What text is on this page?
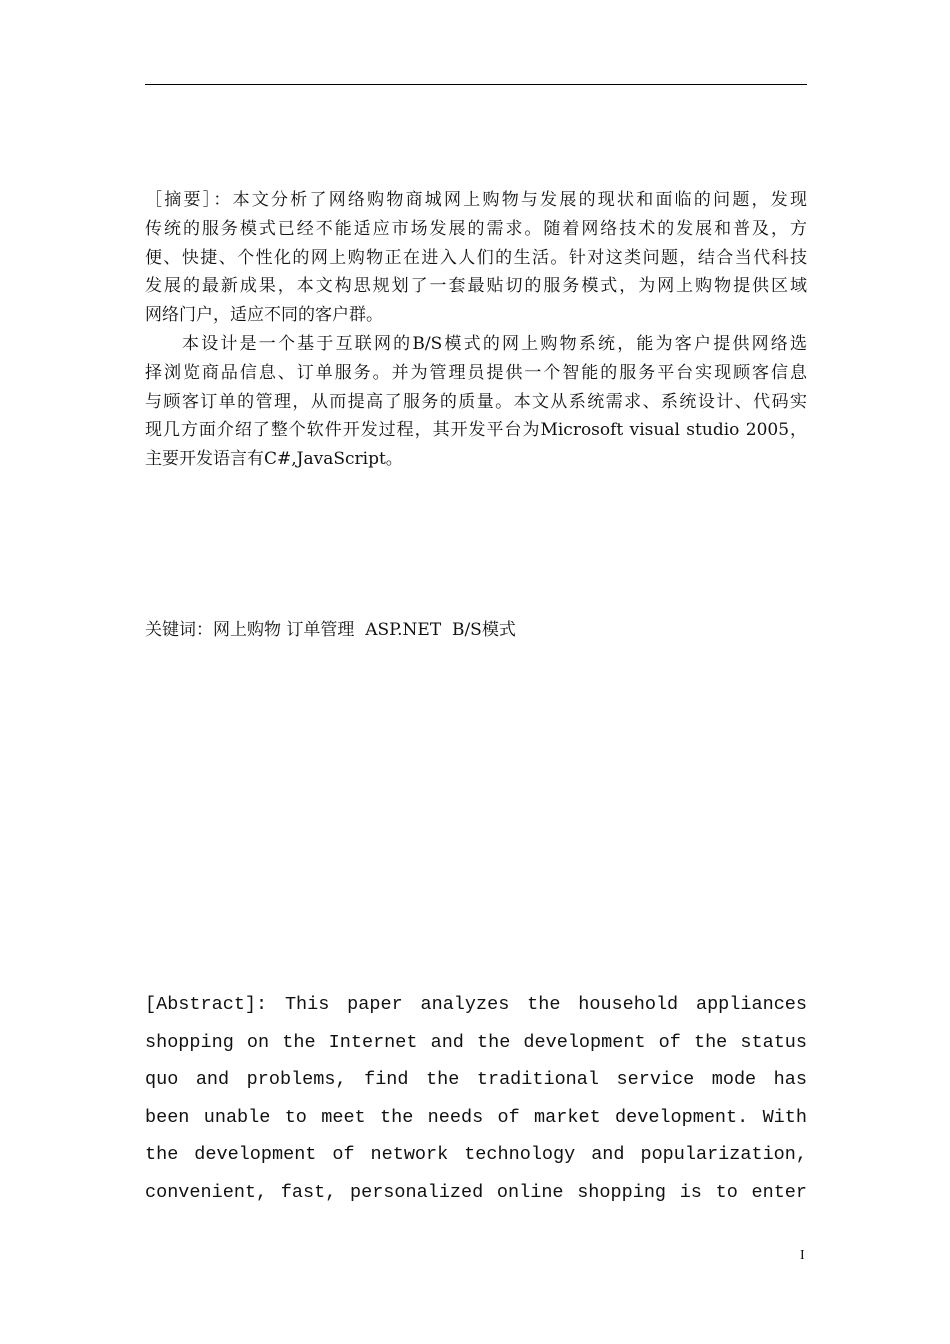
［摘要］：本文分析了网络购物商城网上购物与发展的现状和面临的问题，发现
传统的服务模式已经不能适应市场发展的需求。随着网络技术的发展和普及，方
便、快捷、个性化的网上购物正在进入人们的生活。针对这类问题，结合当代科技
发展的最新成果，本文构思规划了一套最贴切的服务模式，为网上购物提供区域
网络门户，适应不同的客户群。
本设计是一个基于互联网的B/S模式的网上购物系统，能为客户提供网络选
择浏览商品信息、订单服务。并为管理员提供一个智能的服务平台实现顾客信息
与顾客订单的管理，从而提高了服务的质量。本文从系统需求、系统设计、代码实
现几方面介绍了整个软件开发过程，其开发平台为Microsoft visual studio 2005，
主要开发语言有C#,JavaScript。
关键词：网上购物 订单管理  ASP.NET  B/S模式
[Abstract]: This paper analyzes the household appliances
shopping on the Internet and the development of the status
quo and problems, find the traditional service mode has
been unable to meet the needs of market development. With
the development of network technology and popularization,
convenient, fast, personalized online shopping is to enter
I
